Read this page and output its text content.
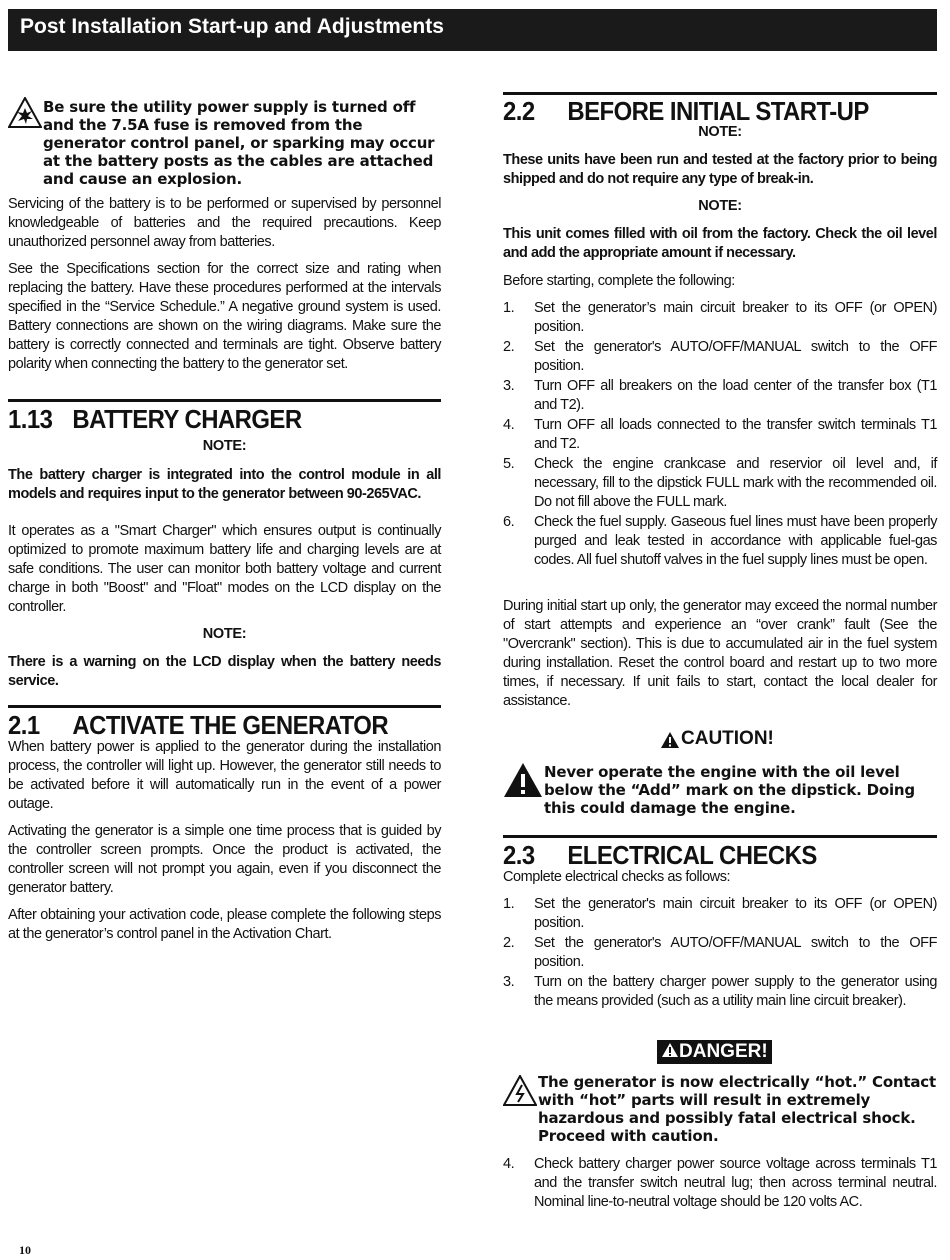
Post Installation Start-up and Adjustments

Be sure the utility power supply is turned off and the 7.5A fuse is removed from the generator control panel, or sparking may occur at the battery posts as the cables are attached and cause an explosion.

Servicing of the battery is to be performed or supervised by personnel knowledgeable of batteries and the required precautions. Keep unauthorized personnel away from batteries.

See the Specifications section for the correct size and rating when replacing the battery. Have these procedures performed at the intervals specified in the “Service Schedule.” A negative ground system is used. Battery connections are shown on the wiring diagrams. Make sure the battery is correctly connected and terminals are tight. Observe battery polarity when connecting the battery to the generator set.

1.13 BATTERY CHARGER
NOTE:

The battery charger is integrated into the control module in all models and requires input to the generator between 90-265VAC.

It operates as a "Smart Charger" which ensures output is continually optimized to promote maximum battery life and charging levels are at safe conditions. The user can monitor both battery voltage and current charge in both "Boost" and "Float" modes on the LCD display on the controller.

NOTE:

There is a warning on the LCD display when the battery needs service.

2.1 ACTIVATE THE GENERATOR

When battery power is applied to the generator during the installation process, the controller will light up. However, the generator still needs to be activated before it will automatically run in the event of a power outage.

Activating the generator is a simple one time process that is guided by the controller screen prompts. Once the product is activated, the controller screen will not prompt you again, even if you disconnect the generator battery.

After obtaining your activation code, please complete the following steps at the generator’s control panel in the Activation Chart.

2.2 BEFORE INITIAL START-UP
NOTE:

These units have been run and tested at the factory prior to being shipped and do not require any type of break-in.

NOTE:

This unit comes filled with oil from the factory. Check the oil level and add the appropriate amount if necessary.

Before starting, complete the following:

1. Set the generator’s main circuit breaker to its OFF (or OPEN) position.
2. Set the generator's AUTO/OFF/MANUAL switch to the OFF position.
3. Turn OFF all breakers on the load center of the transfer box (T1 and T2).
4. Turn OFF all loads connected to the transfer switch terminals T1 and T2.
5. Check the engine crankcase and reservior oil level and, if necessary, fill to the dipstick FULL mark with the recommended oil. Do not fill above the FULL mark.
6. Check the fuel supply. Gaseous fuel lines must have been properly purged and leak tested in accordance with applicable fuel-gas codes. All fuel shutoff valves in the fuel supply lines must be open.

During initial start up only, the generator may exceed the normal number of start attempts and experience an “over crank” fault (See the "Overcrank" section). This is due to accumulated air in the fuel system during installation. Reset the control board and restart up to two more times, if necessary. If unit fails to start, contact the local dealer for assistance.

CAUTION!

Never operate the engine with the oil level below the “Add” mark on the dipstick. Doing this could damage the engine.

2.3 ELECTRICAL CHECKS

Complete electrical checks as follows:

1. Set the generator's main circuit breaker to its OFF (or OPEN) position.
2. Set the generator's AUTO/OFF/MANUAL switch to the OFF position.
3. Turn on the battery charger power supply to the generator using the means provided (such as a utility main line circuit breaker).
DANGER!

The generator is now electrically “hot.” Contact with “hot” parts will result in extremely hazardous and possibly fatal electrical shock. Proceed with caution.

4. Check battery charger power source voltage across terminals T1 and the transfer switch neutral lug; then across terminal neutral. Nominal line-to-neutral voltage should be 120 volts AC.
10
